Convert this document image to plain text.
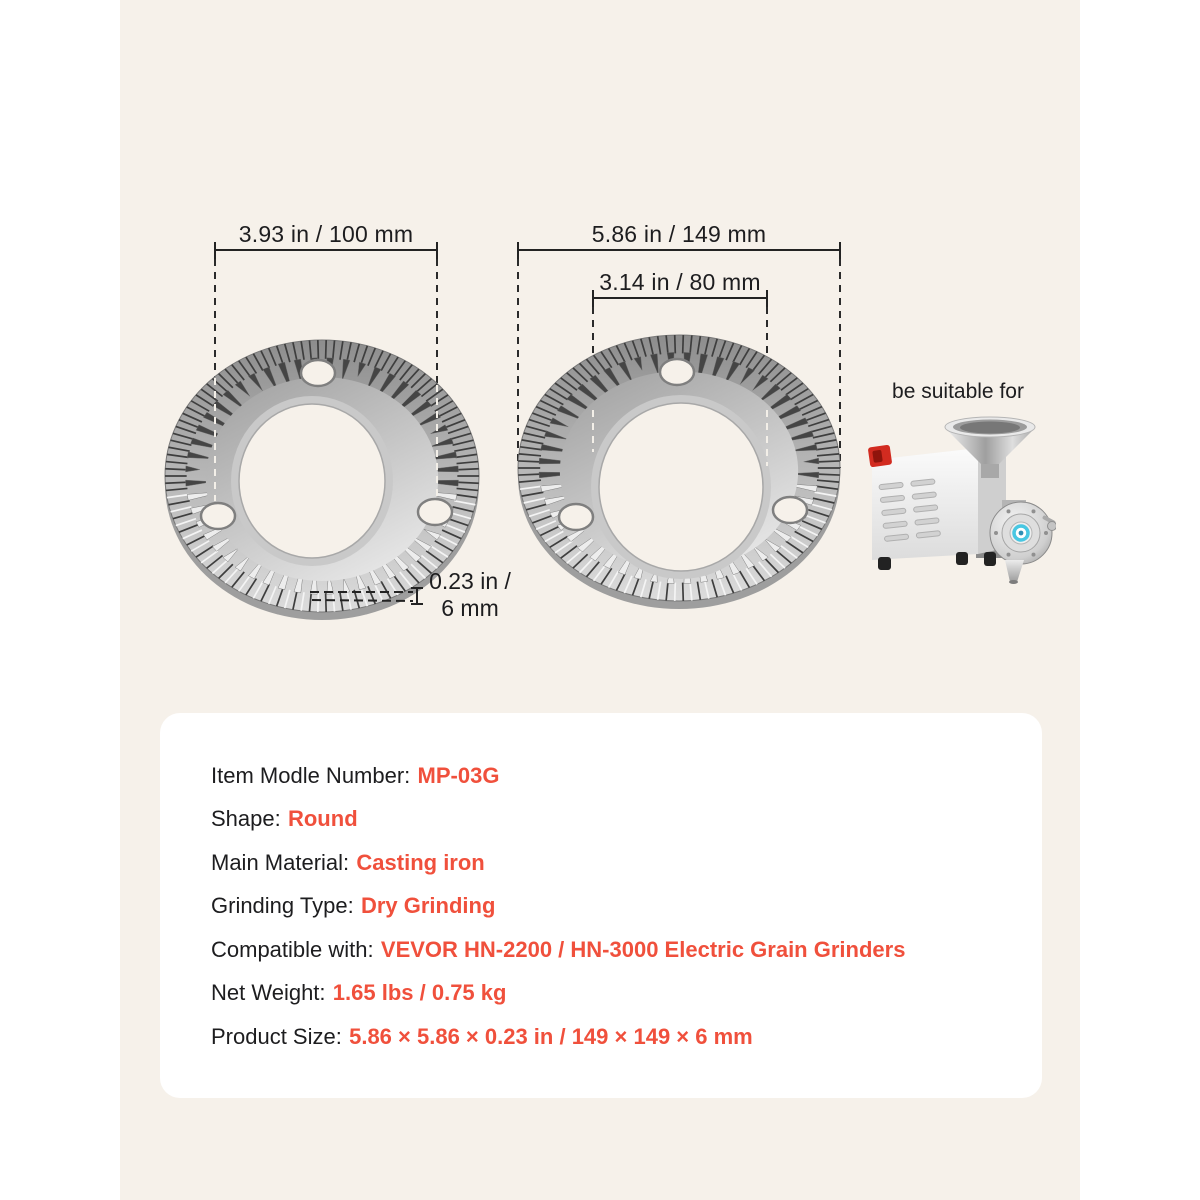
3.93 in / 100 mm	5.86 in / 149 mm
3.14 in / 80 mm
0.23 in /
6 mm
be suitable for
Item Modle Number: MP-03G
Shape: Round
Main Material: Casting iron
Grinding Type: Dry Grinding
Compatible with: VEVOR HN-2200 / HN-3000 Electric Grain Grinders
Net Weight: 1.65 lbs / 0.75 kg
Product Size: 5.86 × 5.86 × 0.23 in / 149 × 149 × 6 mm
